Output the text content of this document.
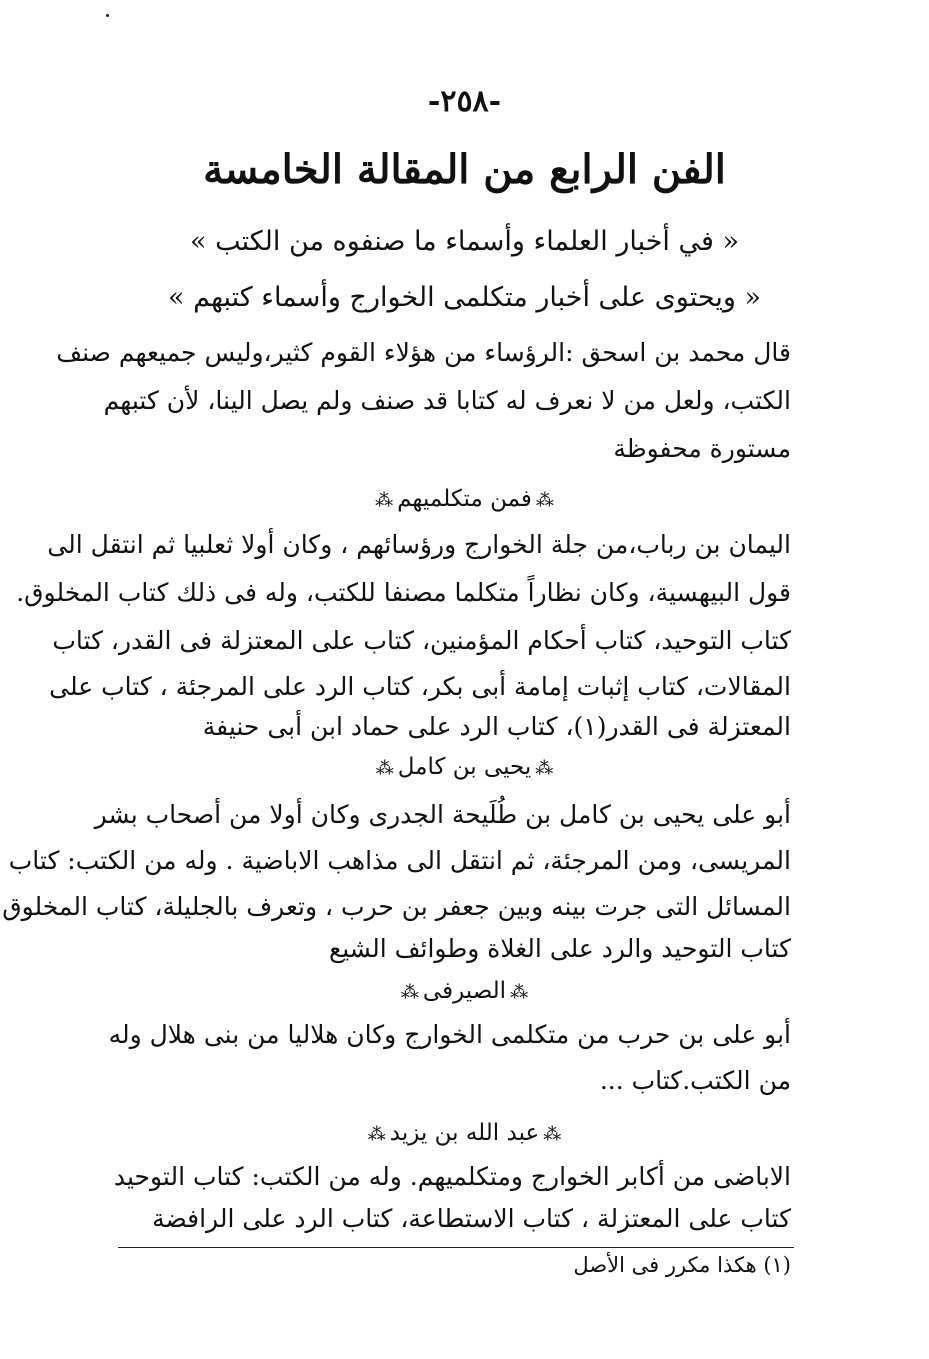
-٢٥٨-
الفن الرابع من المقالة الخامسة
« في أخبار العلماء وأسماء ما صنفوه من الكتب »
« ويحتوى على أخبار متكلمى الخوارج وأسماء كتبهم »
قال محمد بن اسحق :الرؤساء من هؤلاء القوم كثير،وليس جميعهم صنف
الكتب، ولعل من لا نعرف له كتابا قد صنف ولم يصل الينا، لأن كتبهم
مستورة محفوظة
⁂فمن متكلميهم⁂
اليمان بن رباب،من جلة الخوارج ورؤسائهم ، وكان أولا ثعلبيا ثم انتقل الى
قول البيهسية، وكان نظاراً متكلما مصنفا للكتب، وله فى ذلك كتاب المخلوق.
كتاب التوحيد، كتاب أحكام المؤمنين، كتاب على المعتزلة فى القدر، كتاب
المقالات، كتاب إثبات إمامة أبى بكر، كتاب الرد على المرجئة ، كتاب على
المعتزلة فى القدر(١)، كتاب الرد على حماد ابن أبى حنيفة
⁂يحيى بن كامل⁂
أبو على يحيى بن كامل بن طُلَيحة الجدرى وكان أولا من أصحاب بشر
المريسى، ومن المرجئة، ثم انتقل الى مذاهب الاباضية . وله من الكتب: كتاب
المسائل التى جرت بينه وبين جعفر بن حرب ، وتعرف بالجليلة، كتاب المخلوق
كتاب التوحيد والرد على الغلاة وطوائف الشيع
⁂الصيرفى⁂
أبو على بن حرب من متكلمى الخوارج وكان هلاليا من بنى هلال وله
من الكتب.كتاب ...
⁂عبد الله بن يزيد⁂
الاباضى من أكابر الخوارج ومتكلميهم. وله من الكتب: كتاب التوحيد
كتاب على المعتزلة ، كتاب الاستطاعة، كتاب الرد على الرافضة
(١) هكذا مكرر فى الأصل
